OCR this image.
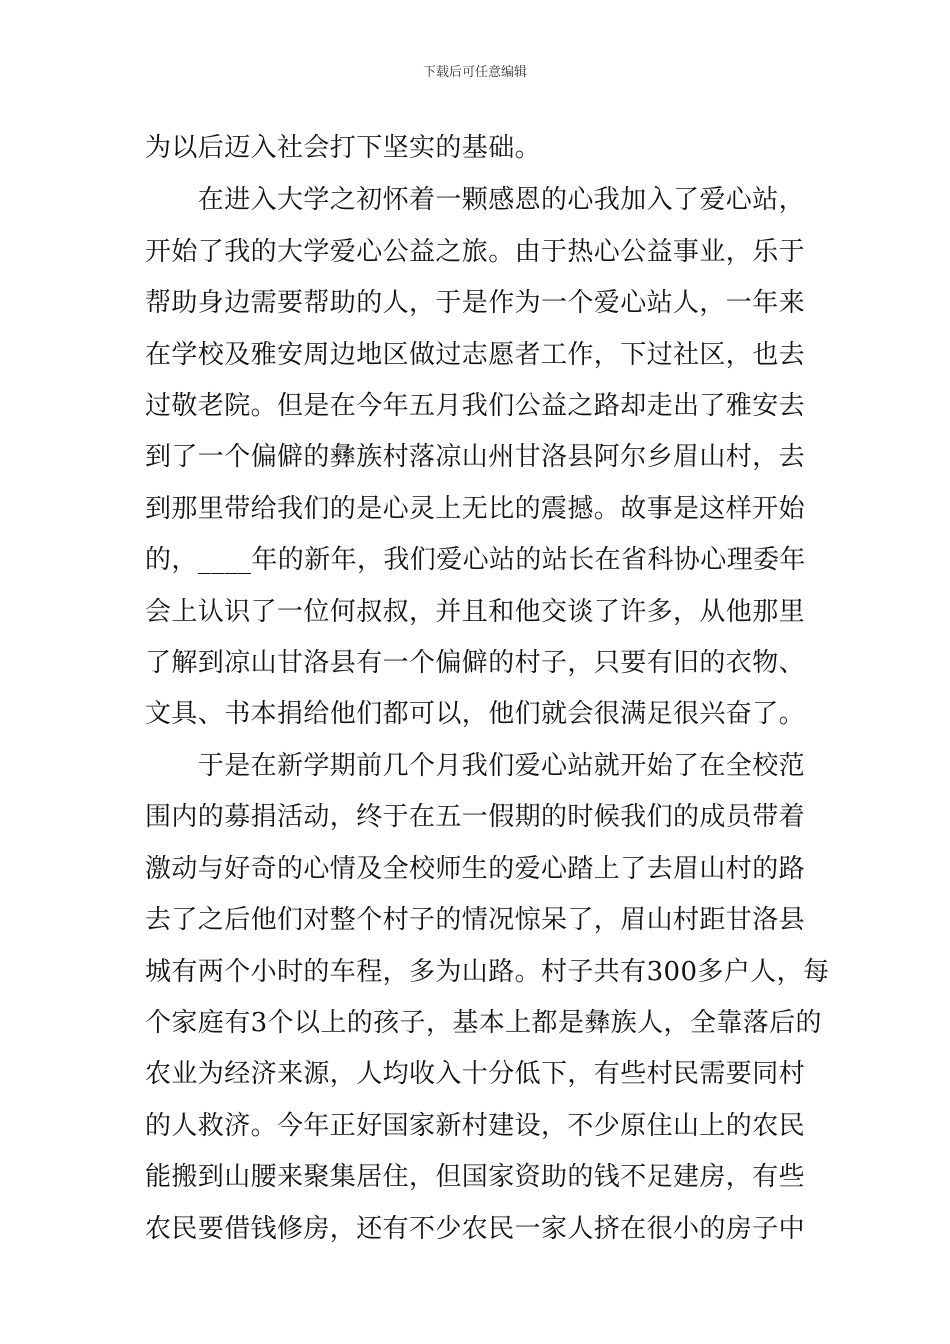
下载后可任意编辑
为以后迈入社会打下坚实的基础。
　　在进入大学之初怀着一颗感恩的心我加入了爱心站，
开始了我的大学爱心公益之旅。由于热心公益事业，乐于
帮助身边需要帮助的人，于是作为一个爱心站人，一年来
在学校及雅安周边地区做过志愿者工作，下过社区，也去
过敬老院。但是在今年五月我们公益之路却走出了雅安去
到了一个偏僻的彝族村落凉山州甘洛县阿尔乡眉山村，去
到那里带给我们的是心灵上无比的震撼。故事是这样开始
的，____年的新年，我们爱心站的站长在省科协心理委年
会上认识了一位何叔叔，并且和他交谈了许多，从他那里
了解到凉山甘洛县有一个偏僻的村子，只要有旧的衣物、
文具、书本捐给他们都可以，他们就会很满足很兴奋了。
　　于是在新学期前几个月我们爱心站就开始了在全校范
围内的募捐活动，终于在五一假期的时候我们的成员带着
激动与好奇的心情及全校师生的爱心踏上了去眉山村的路
去了之后他们对整个村子的情况惊呆了，眉山村距甘洛县
城有两个小时的车程，多为山路。村子共有300多户人，每
个家庭有3个以上的孩子，基本上都是彝族人，全靠落后的
农业为经济来源，人均收入十分低下，有些村民需要同村
的人救济。今年正好国家新村建设，不少原住山上的农民
能搬到山腰来聚集居住，但国家资助的钱不足建房，有些
农民要借钱修房，还有不少农民一家人挤在很小的房子中
